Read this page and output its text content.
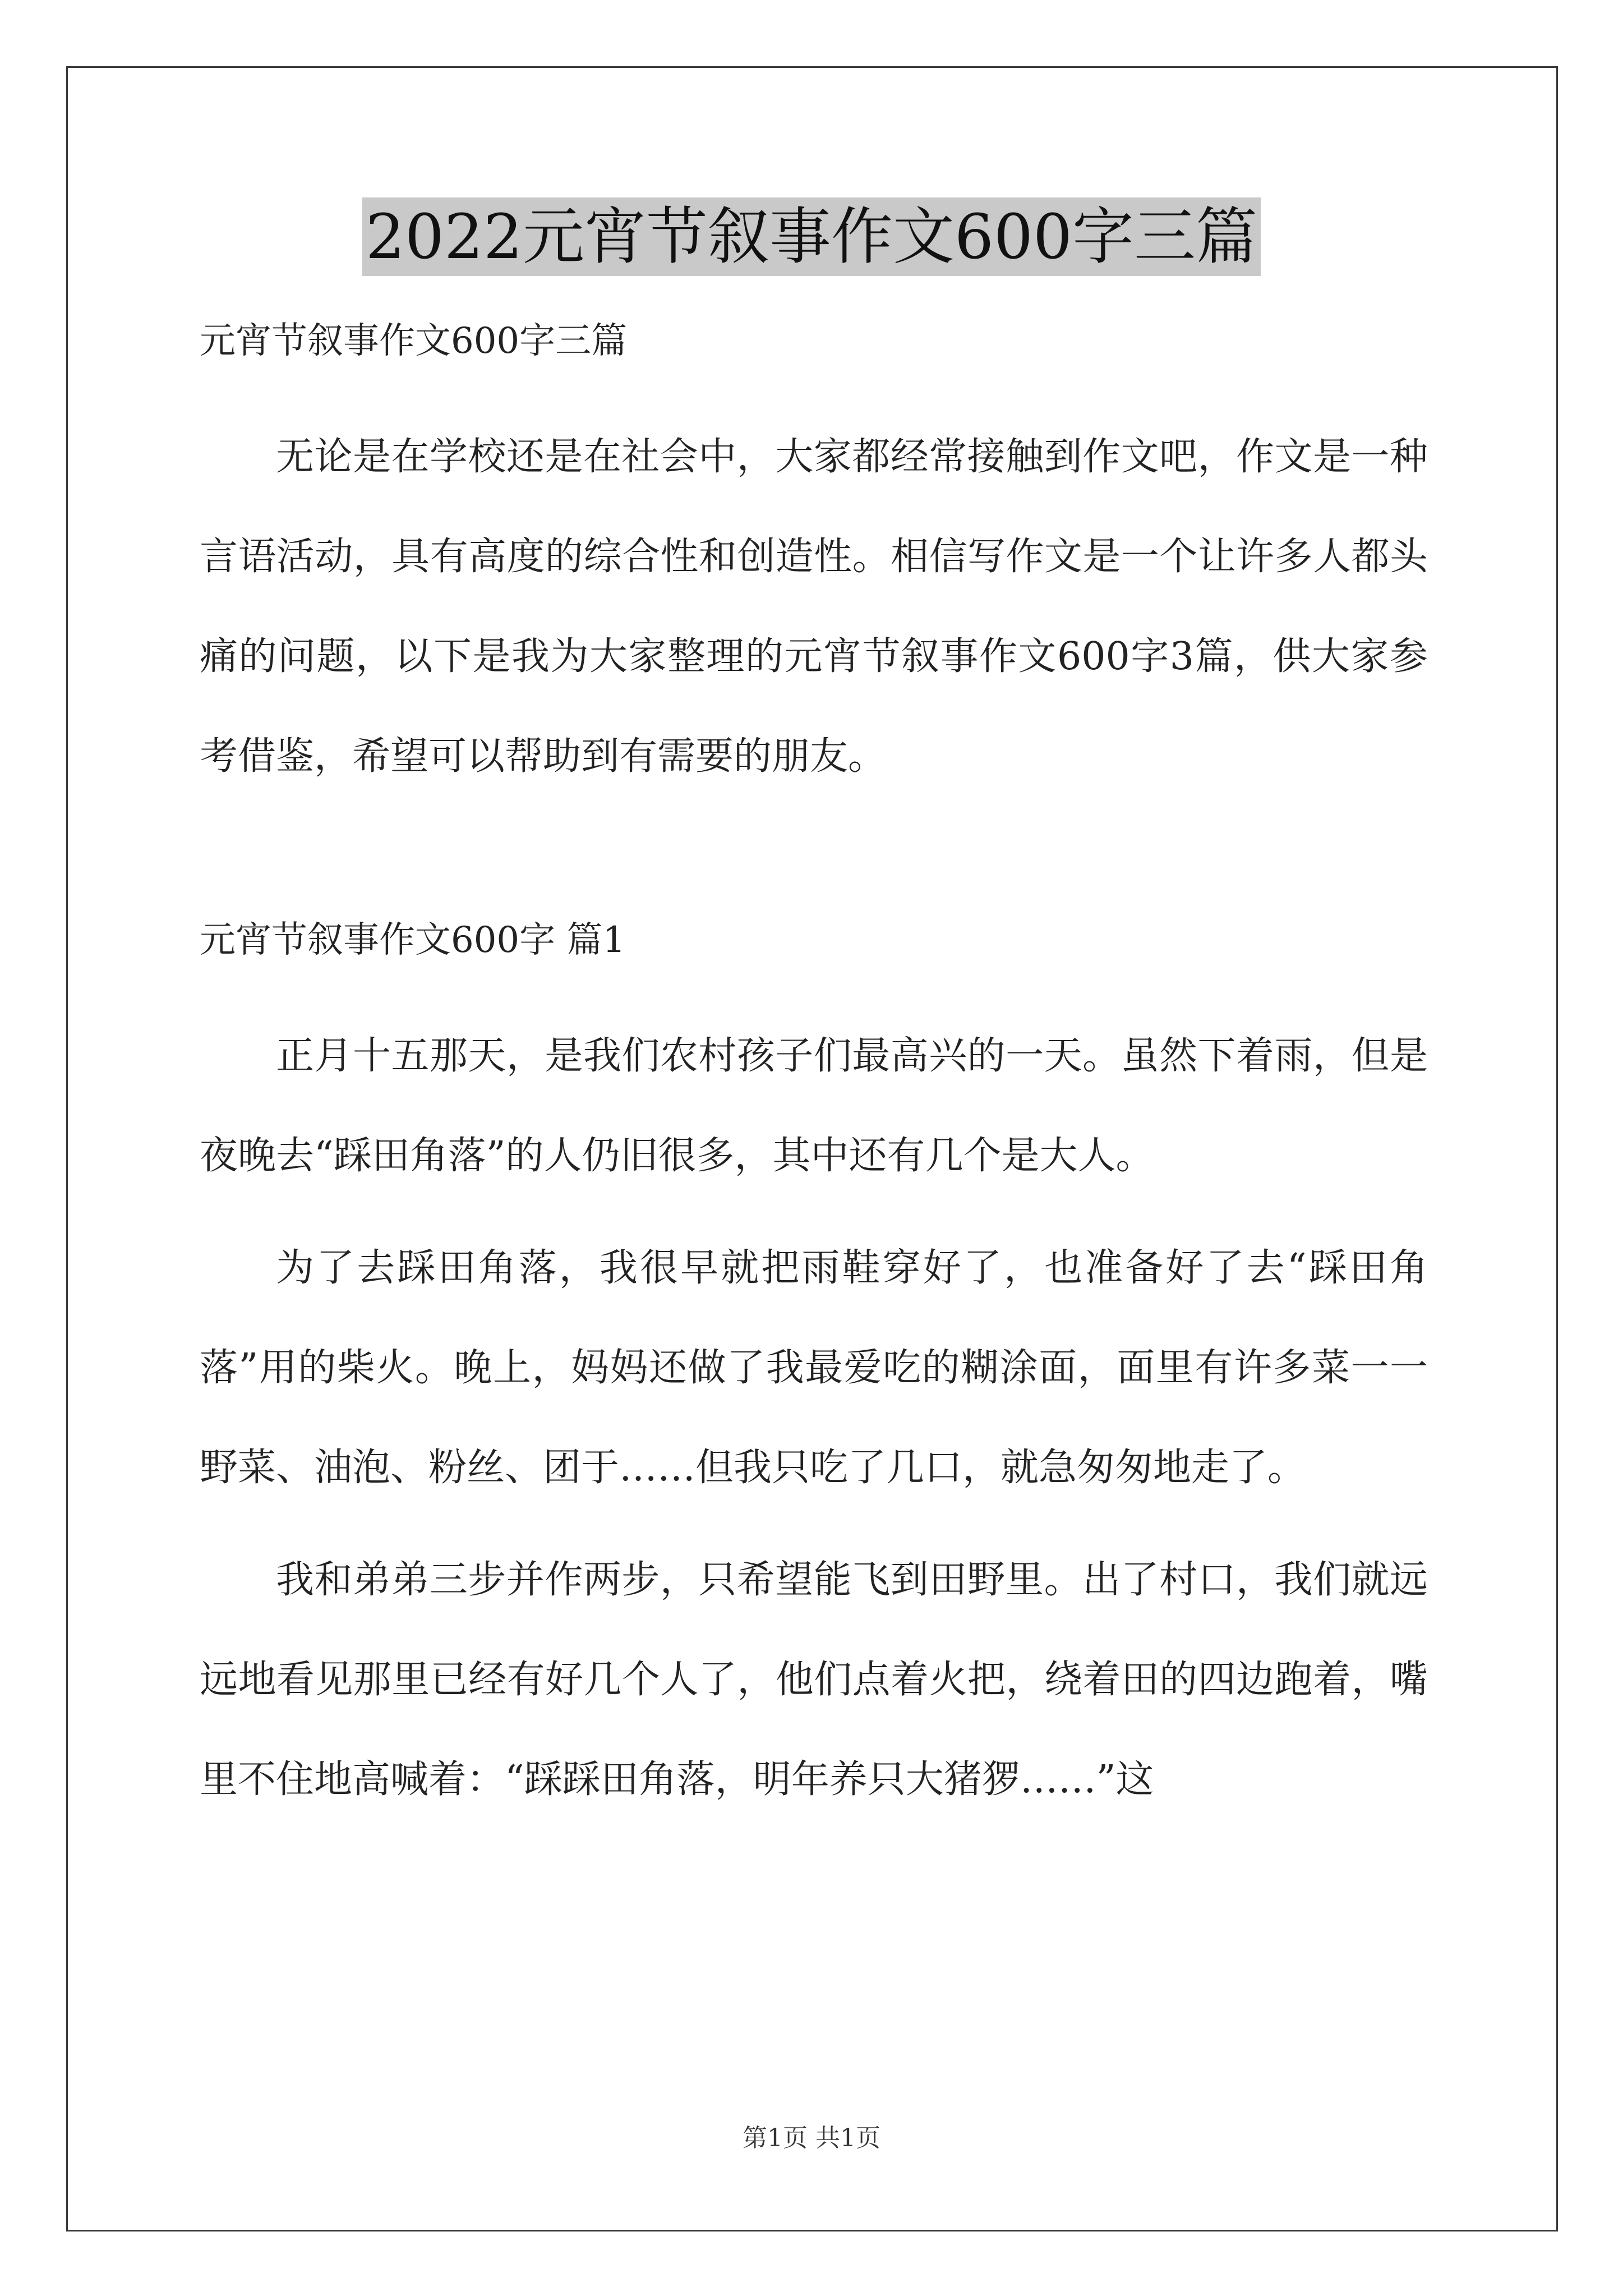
2022元宵节叙事作文600字三篇

元宵节叙事作文600字三篇

无论是在学校还是在社会中，大家都经常接触到作文吧，作文是一种言语活动，具有高度的综合性和创造性。相信写作文是一个让许多人都头痛的问题，以下是我为大家整理的元宵节叙事作文600字3篇，供大家参考借鉴，希望可以帮助到有需要的朋友。

元宵节叙事作文600字 篇1

正月十五那天，是我们农村孩子们最高兴的一天。虽然下着雨，但是夜晚去“踩田角落”的人仍旧很多，其中还有几个是大人。

为了去踩田角落，我很早就把雨鞋穿好了，也准备好了去“踩田角落”用的柴火。晚上，妈妈还做了我最爱吃的糊涂面，面里有许多菜一一野菜、油泡、粉丝、团于……但我只吃了几口，就急匆匆地走了。

我和弟弟三步并作两步，只希望能飞到田野里。出了村口，我们就远远地看见那里已经有好几个人了，他们点着火把，绕着田的四边跑着，嘴里不住地高喊着：“踩踩田角落，明年养只大猪猡……”这

第1页 共1页
